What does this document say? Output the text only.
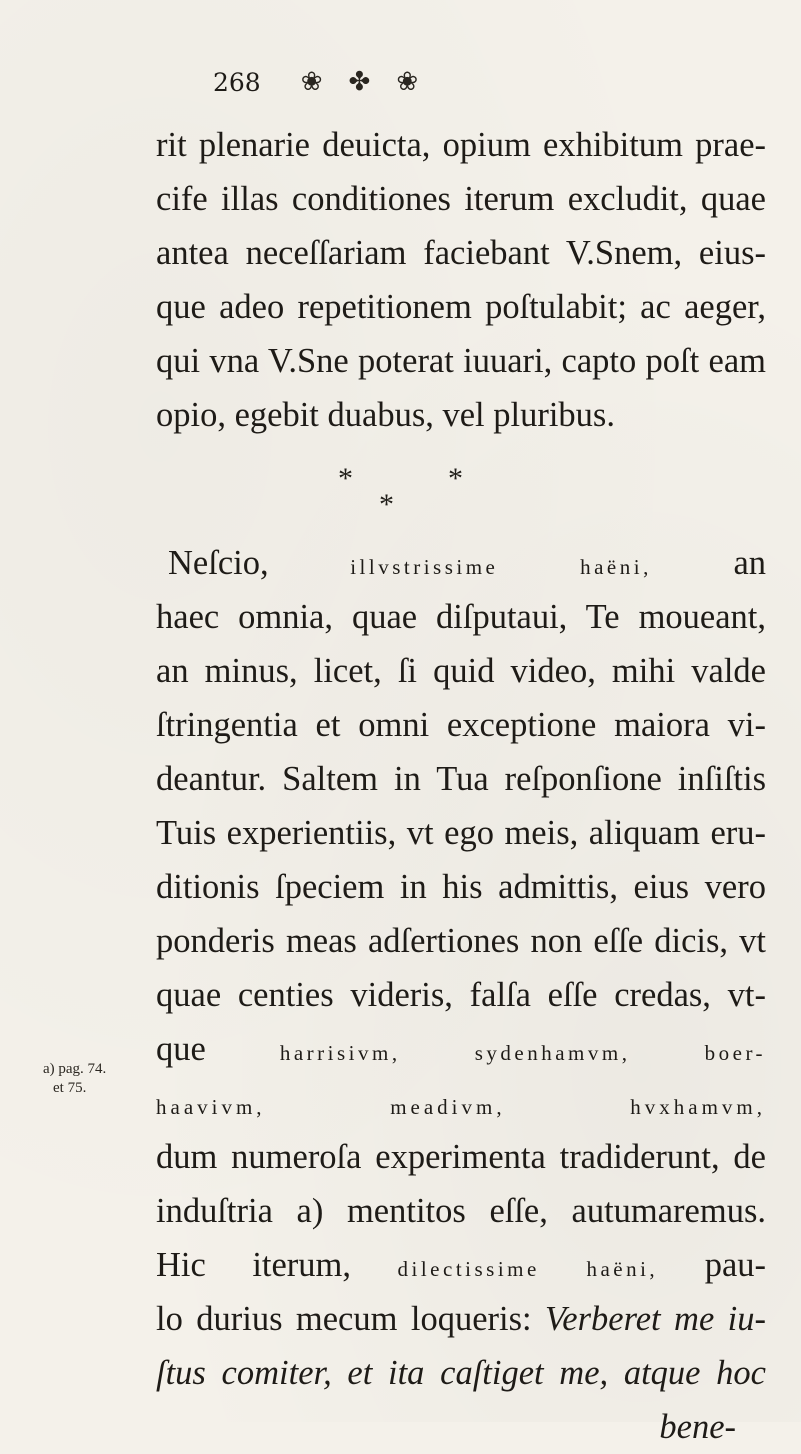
268 ❀ ✤ ❀
rit plenarie deuicta, opium exhibitum prae-
cife illas conditiones iterum excludit, quae
antea neceſſariam faciebant V.Snem, eius-
que adeo repetitionem poſtulabit; ac aeger,
qui vna V.Sne poterat iuuari, capto poſt eam
opio, egebit duabus, vel pluribus.
*
*
*
Neſcio,	illvstrissime haëni, an
haec omnia, quae diſputaui, Te moueant,
an minus, licet, ſi quid video, mihi valde
ſtringentia et omni exceptione maiora vi-
deantur. Saltem in Tua reſponſione inſiſtis
Tuis experientiis, vt ego meis, aliquam eru-
ditionis ſpeciem in his admittis, eius vero
ponderis meas adſertiones non eſſe dicis, vt
quae centies videris, falſa eſſe credas, vt-
que	harrisivm, sydenhamvm, boer-
haavivm, meadivm, hvxhamvm,
dum numeroſa experimenta tradiderunt, de
induſtria a) mentitos eſſe, autumaremus.
Hic iterum, dilectissime haëni, pau-
lo durius mecum loqueris: Verberet me iu-
ſtus comiter, et ita caſtiget me, atque hoc
bene-
a) pag. 74.
et 75.
